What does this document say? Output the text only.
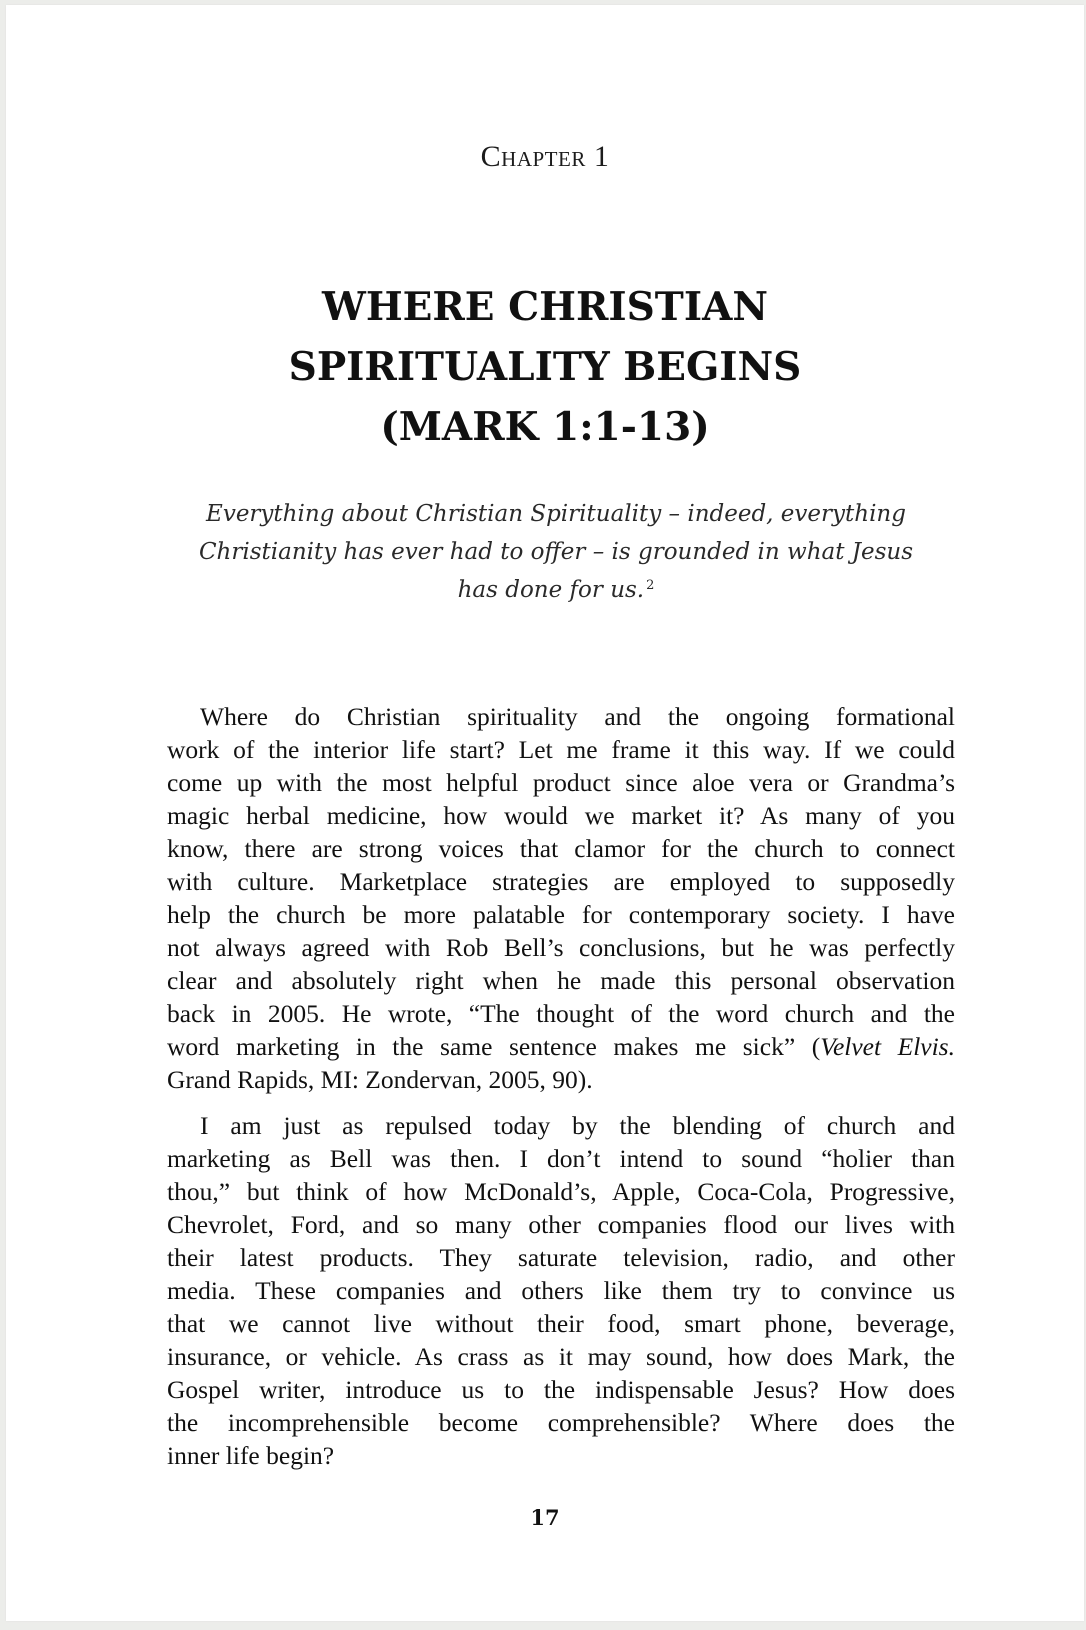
Chapter 1
WHERE CHRISTIAN
SPIRITUALITY BEGINS
(MARK 1:1-13)
Everything about Christian Spirituality – indeed, everything
Christianity has ever had to offer – is grounded in what Jesus
has done for us. $^2$

Where do Christian spirituality and the ongoing formational
work of the interior life start? Let me frame it this way. If we could
come up with the most helpful product since aloe vera or Grandma’s
magic herbal medicine, how would we market it? As many of you
know, there are strong voices that clamor for the church to connect
with culture. Marketplace strategies are employed to supposedly
help the church be more palatable for contemporary society. I have
not always agreed with Rob Bell’s conclusions, but he was perfectly
clear and absolutely right when he made this personal observation
back in 2005. He wrote, “The thought of the word church and the
word marketing in the same sentence makes me sick” (Velvet Elvis.
Grand Rapids, MI: Zondervan, 2005, 90).

I am just as repulsed today by the blending of church and
marketing as Bell was then. I don’t intend to sound “holier than
thou,” but think of how McDonald’s, Apple, Coca-Cola, Progressive,
Chevrolet, Ford, and so many other companies flood our lives with
their latest products. They saturate television, radio, and other
media. These companies and others like them try to convince us
that we cannot live without their food, smart phone, beverage,
insurance, or vehicle. As crass as it may sound, how does Mark, the
Gospel writer, introduce us to the indispensable Jesus? How does
the incomprehensible become comprehensible? Where does the
inner life begin?

17
